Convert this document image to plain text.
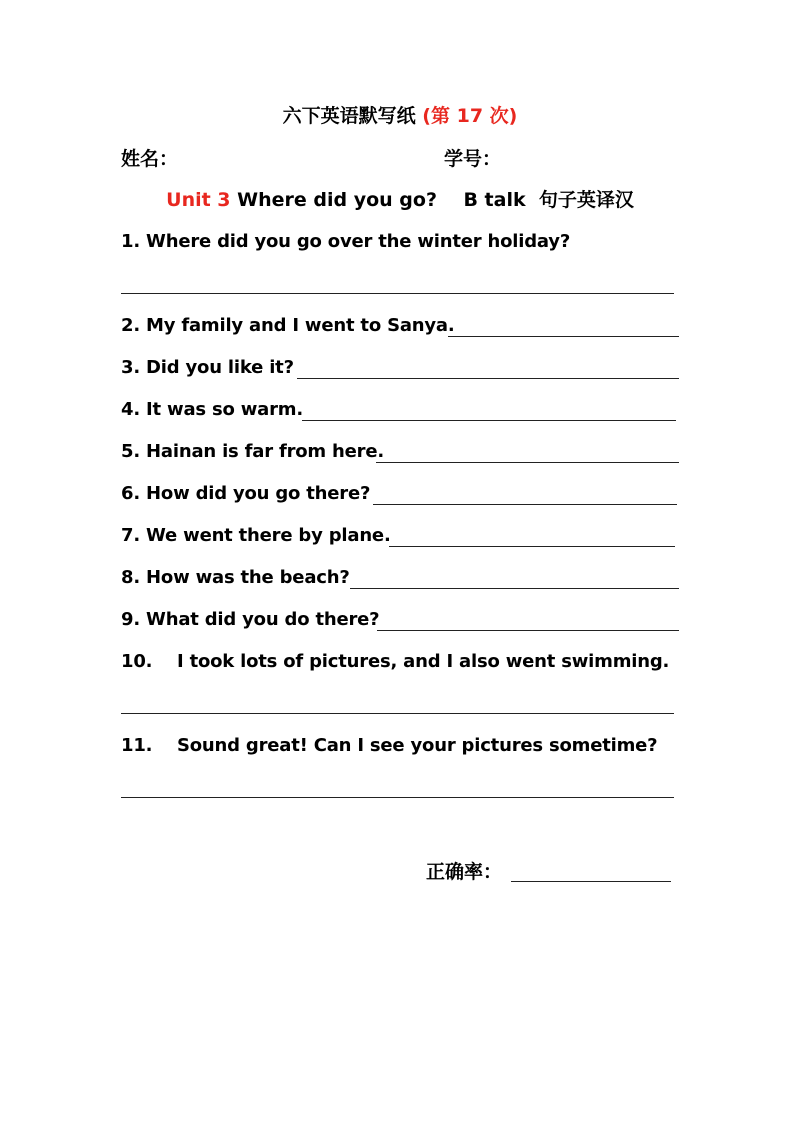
六下英语默写纸 (第 17 次)
姓名：	学号：
Unit 3 Where did you go? B talk 句子英译汉
1. Where did you go over the winter holiday?
2. My family and I went to Sanya.
3. Did you like it?
4. It was so warm.
5. Hainan is far from here.
6. How did you go there?
7. We went there by plane.
8. How was the beach?
9. What did you do there?
10. I took lots of pictures, and I also went swimming.
11. Sound great! Can I see your pictures sometime?
正确率：
